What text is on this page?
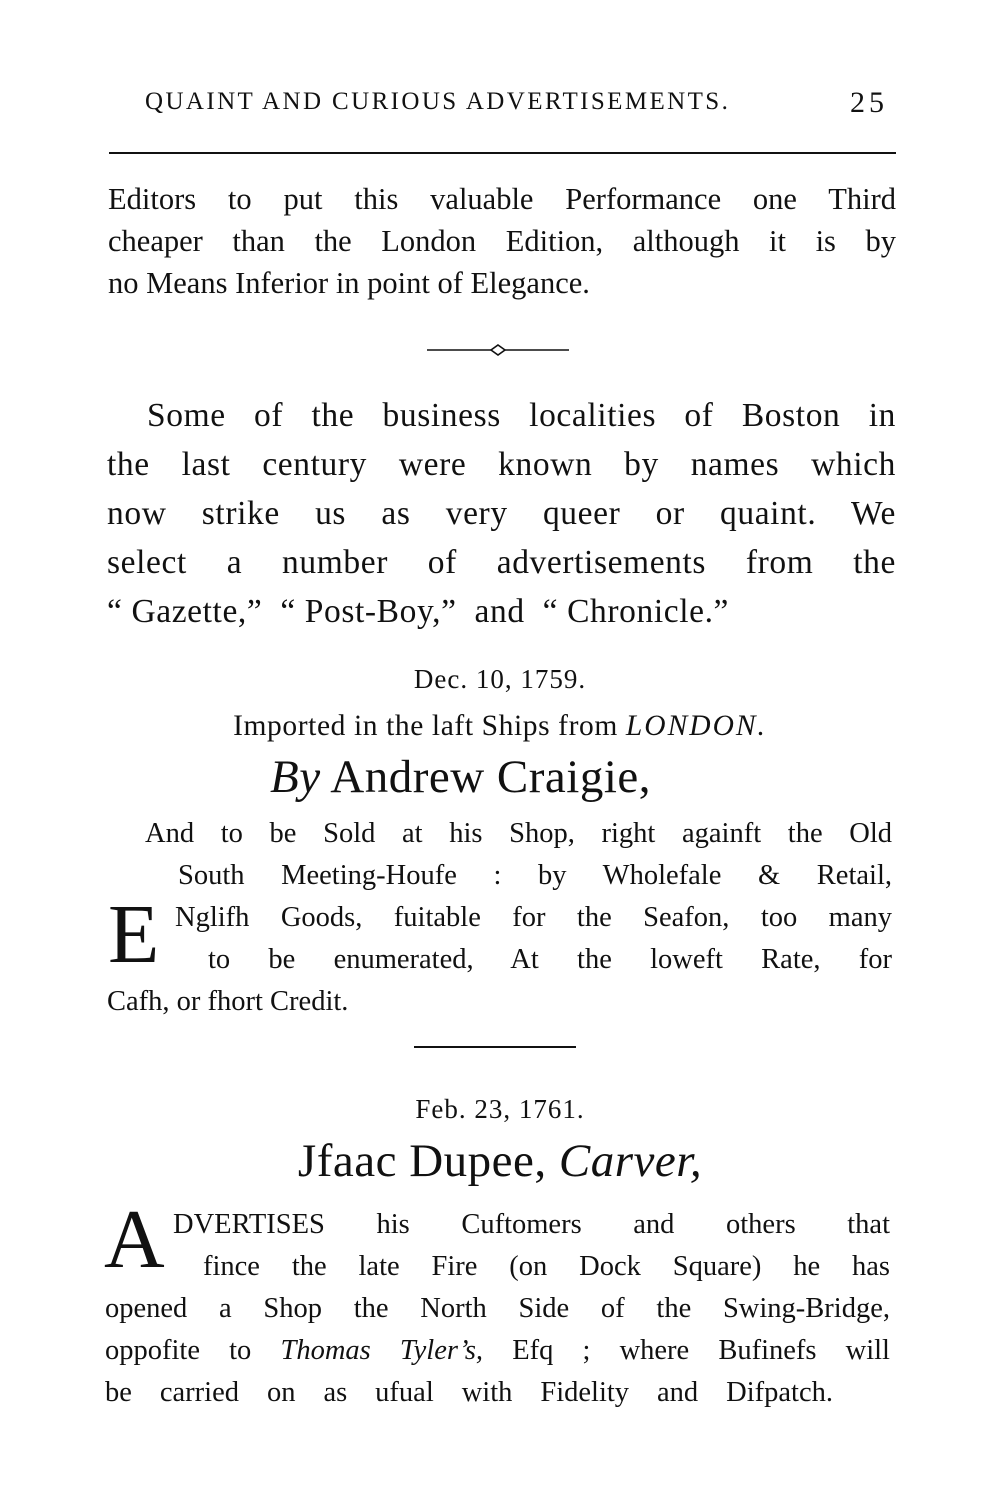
QUAINT AND CURIOUS ADVERTISEMENTS.	25
Editors to put this valuable Performance one Third
cheaper than the London Edition, although it is by
no Means Inferior in point of Elegance.
Some of the business localities of Boston in
the last century were known by names which
now strike us as very queer or quaint. We
select a number of advertisements from the
“ Gazette,”  “ Post-Boy,”  and  “ Chronicle.”
Dec. 10, 1759.
Imported in the laft Ships from LONDON.
By Andrew Craigie,
And to be Sold at his Shop, right againft the Old
South Meeting-Houfe : by Wholefale & Retail,
E Nglifh Goods, fuitable for the Seafon, too many
to be enumerated, At the loweft Rate, for
Cafh, or fhort Credit.
Feb. 23, 1761.
Jfaac Dupee, Carver,
A DVERTISES his Cuftomers and others that
fince the late Fire (on Dock Square) he has
opened a Shop the North Side of the Swing-Bridge,
oppofite to Thomas Tyler’s, Efq ; where Bufinefs will
be carried on as ufual with Fidelity and Difpatch.
